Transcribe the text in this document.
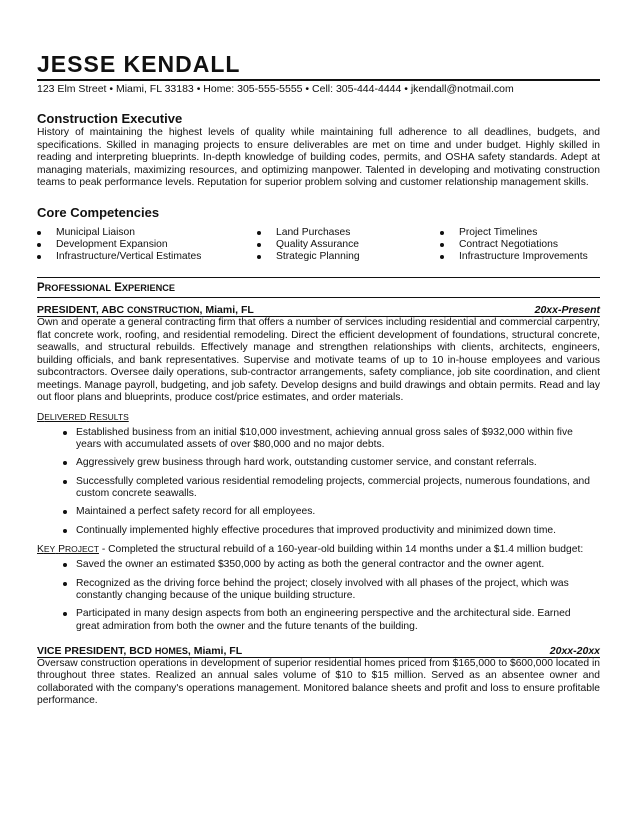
JESSE KENDALL
123 Elm Street • Miami, FL 33183 • Home: 305-555-5555 • Cell: 305-444-4444 • jkendall@notmail.com
Construction Executive
History of maintaining the highest levels of quality while maintaining full adherence to all deadlines, budgets, and specifications. Skilled in managing projects to ensure deliverables are met on time and under budget. Highly skilled in reading and interpreting blueprints. In-depth knowledge of building codes, permits, and OSHA safety standards. Adept at managing materials, maximizing resources, and optimizing manpower. Talented in developing and motivating construction teams to peak performance levels. Reputation for superior problem solving and customer relationship management skills.
Core Competencies
Municipal Liaison
Development Expansion
Infrastructure/Vertical Estimates
Land Purchases
Quality Assurance
Strategic Planning
Project Timelines
Contract Negotiations
Infrastructure Improvements
PROFESSIONAL EXPERIENCE
PRESIDENT, ABC CONSTRUCTION, Miami, FL	20xx-Present
Own and operate a general contracting firm that offers a number of services including residential and commercial carpentry, flat concrete work, roofing, and residential remodeling. Direct the efficient development of foundations, structural concrete, seawalls, and structural rebuilds. Effectively manage and strengthen relationships with clients, architects, engineers, building officials, and bank representatives. Supervise and motivate teams of up to 10 in-house employees and various subcontractors. Oversee daily operations, sub-contractor arrangements, safety compliance, job site coordination, and client meetings. Manage payroll, budgeting, and job safety. Develop designs and build drawings and obtain permits. Read and lay out floor plans and blueprints, produce cost/price estimates, and order materials.
DELIVERED RESULTS
Established business from an initial $10,000 investment, achieving annual gross sales of $932,000 within five years with accumulated assets of over $80,000 and no major debts.
Aggressively grew business through hard work, outstanding customer service, and constant referrals.
Successfully completed various residential remodeling projects, commercial projects, numerous foundations, and custom concrete seawalls.
Maintained a perfect safety record for all employees.
Continually implemented highly effective procedures that improved productivity and minimized down time.
KEY PROJECT - Completed the structural rebuild of a 160-year-old building within 14 months under a $1.4 million budget:
Saved the owner an estimated $350,000 by acting as both the general contractor and the owner agent.
Recognized as the driving force behind the project; closely involved with all phases of the project, which was constantly changing because of the unique building structure.
Participated in many design aspects from both an engineering perspective and the architectural side. Earned great admiration from both the owner and the future tenants of the building.
VICE PRESIDENT, BCD HOMES, Miami, FL	20xx-20xx
Oversaw construction operations in development of superior residential homes priced from $165,000 to $600,000 located in throughout three states. Realized an annual sales volume of $10 to $15 million. Served as an absentee owner and collaborated with the company's operations management. Monitored balance sheets and profit and loss to ensure profitable performance.
